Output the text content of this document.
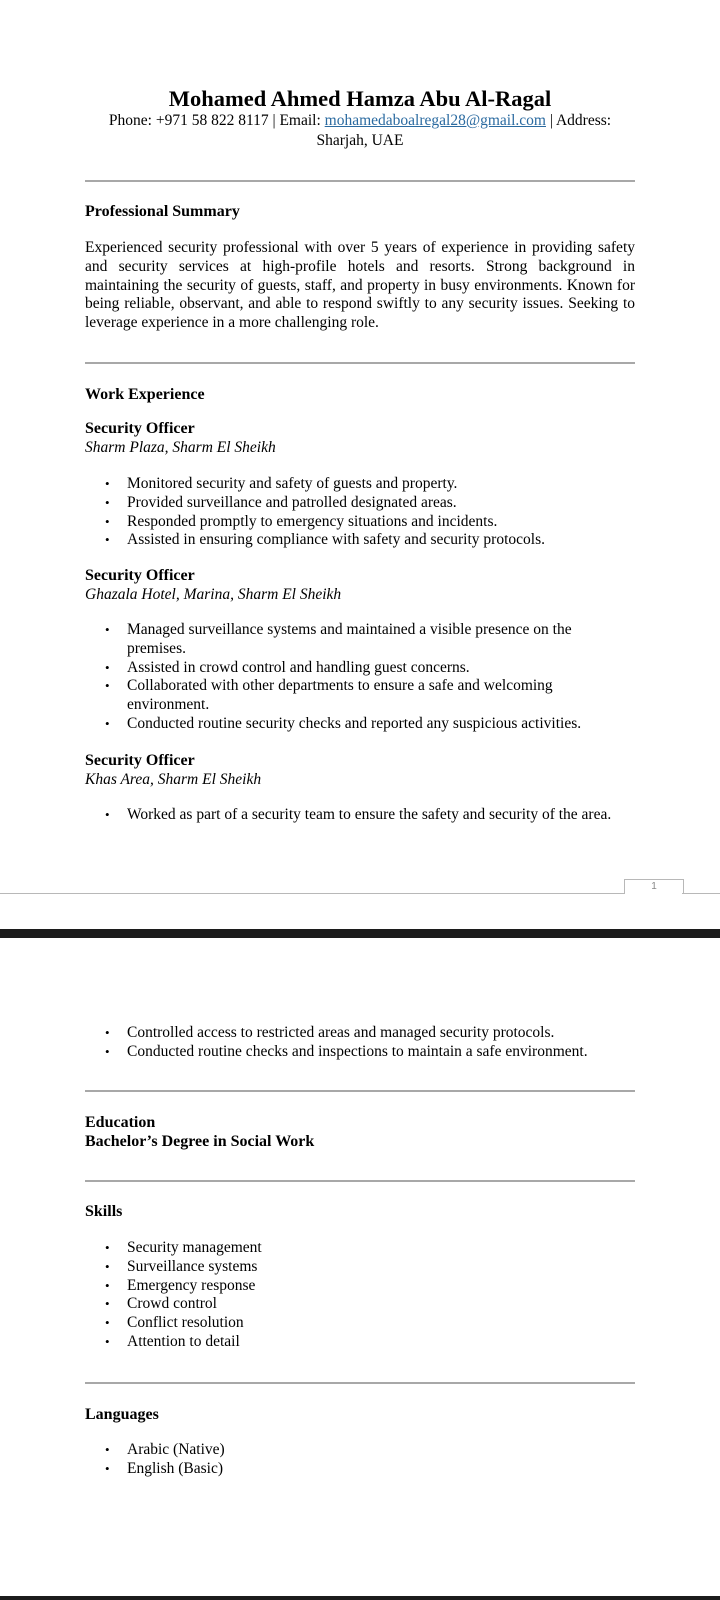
Mohamed Ahmed Hamza Abu Al-Ragal

Phone: +971 58 822 8117 | Email: mohamedaboalregal28@gmail.com | Address: Sharjah, UAE

Professional Summary

Experienced security professional with over 5 years of experience in providing safety and security services at high-profile hotels and resorts. Strong background in maintaining the security of guests, staff, and property in busy environments. Known for being reliable, observant, and able to respond swiftly to any security issues. Seeking to leverage experience in a more challenging role.

Work Experience
Security Officer
Sharm Plaza, Sharm El Sheikh
• Monitored security and safety of guests and property.
• Provided surveillance and patrolled designated areas.
• Responded promptly to emergency situations and incidents.
• Assisted in ensuring compliance with safety and security protocols.
Security Officer
Ghazala Hotel, Marina, Sharm El Sheikh
• Managed surveillance systems and maintained a visible presence on the premises.
• Assisted in crowd control and handling guest concerns.
• Collaborated with other departments to ensure a safe and welcoming environment.
• Conducted routine security checks and reported any suspicious activities.
Security Officer
Khas Area, Sharm El Sheikh
• Worked as part of a security team to ensure the safety and security of the area.
1
• Controlled access to restricted areas and managed security protocols.
• Conducted routine checks and inspections to maintain a safe environment.
Education
Bachelor’s Degree in Social Work
Skills
• Security management
• Surveillance systems
• Emergency response
• Crowd control
• Conflict resolution
• Attention to detail
Languages
• Arabic (Native)
• English (Basic)
